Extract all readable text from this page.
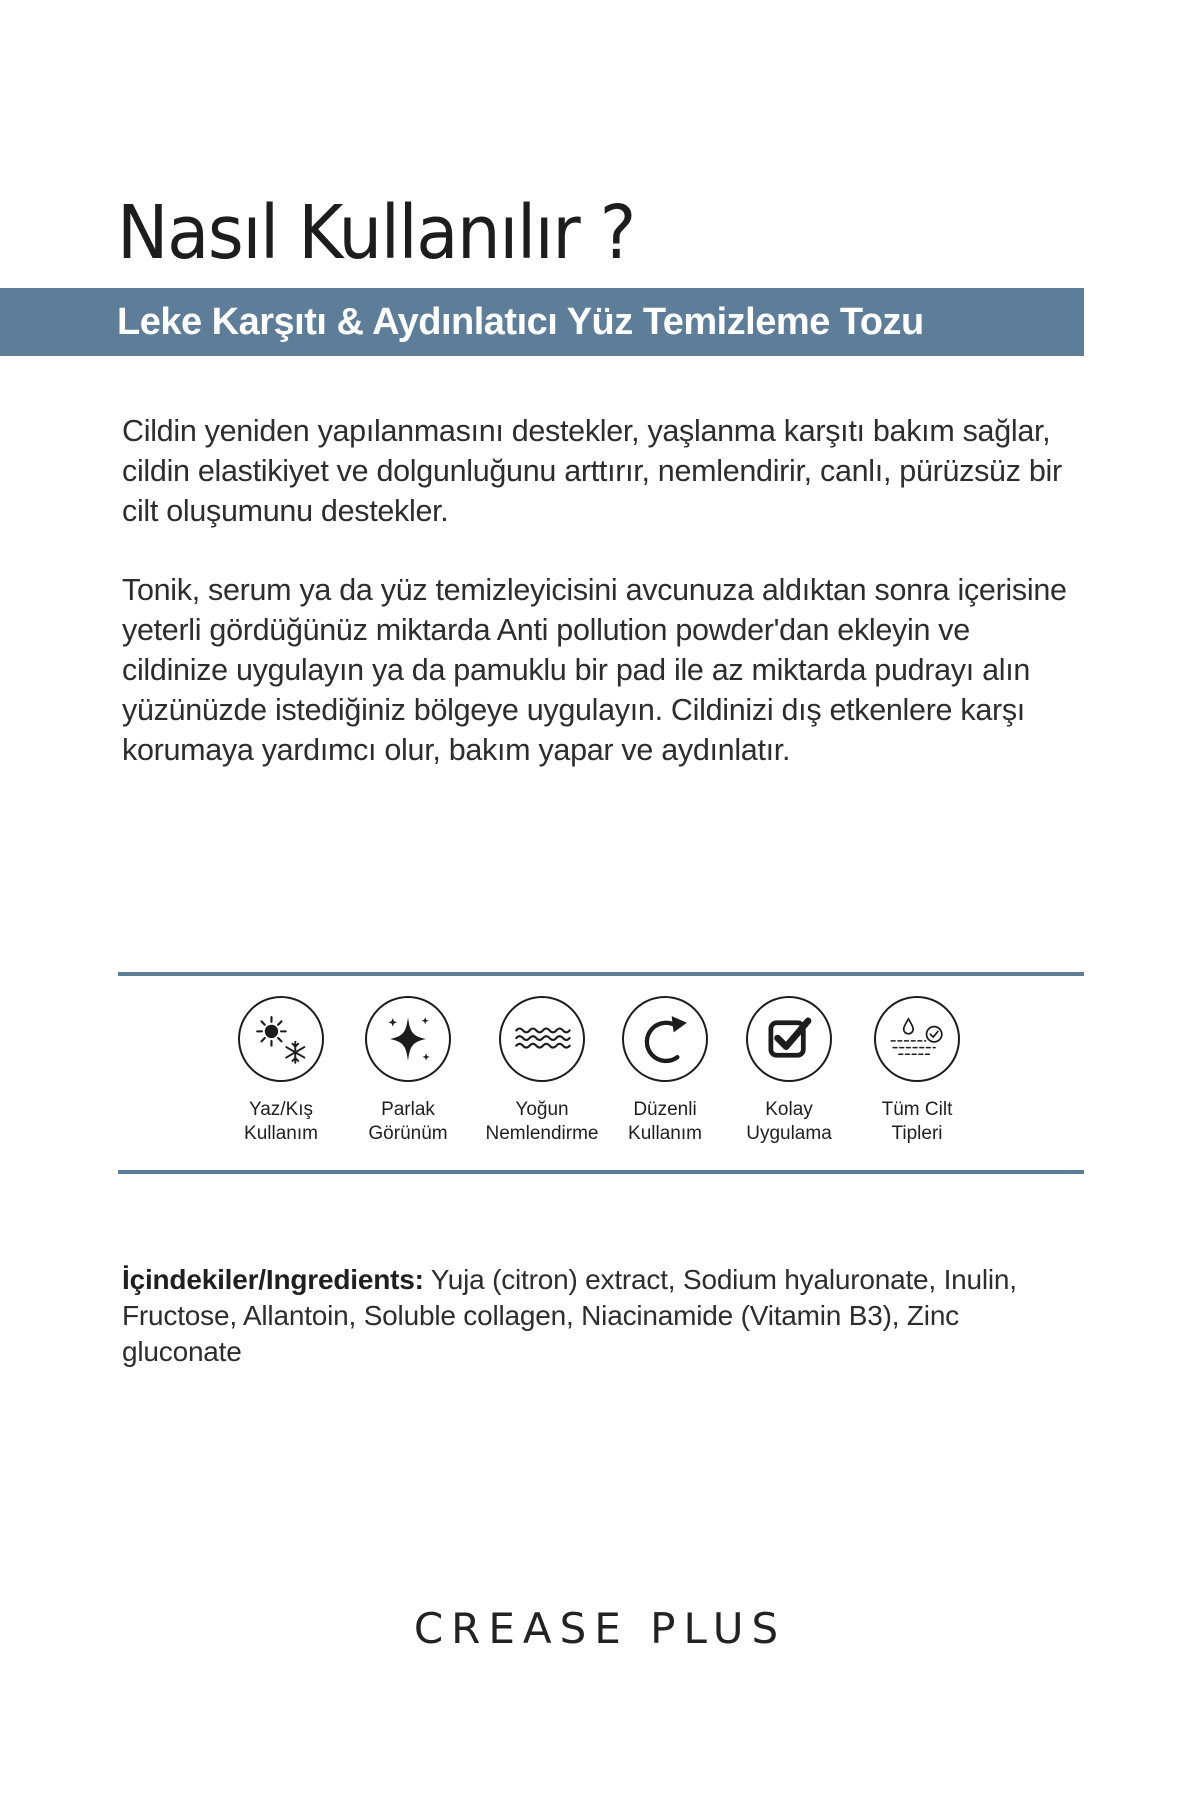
Nasıl Kullanılır ?
Leke Karşıtı & Aydınlatıcı Yüz Temizleme Tozu

Cildin yeniden yapılanmasını destekler, yaşlanma karşıtı bakım sağlar, cildin elastikiyet ve dolgunluğunu arttırır, nemlendirir, canlı, pürüzsüz bir cilt oluşumunu destekler.

Tonik, serum ya da yüz temizleyicisini avcunuza aldıktan sonra içerisine yeterli gördüğünüz miktarda Anti pollution powder'dan ekleyin ve cildinize uygulayın ya da pamuklu bir pad ile az miktarda pudrayı alın yüzünüzde istediğiniz bölgeye uygulayın. Cildinizi dış etkenlere karşı korumaya yardımcı olur, bakım yapar ve aydınlatır.

Yaz/Kış
Kullanım
Parlak
Görünüm
Yoğun
Nemlendirme
Düzenli
Kullanım
Kolay
Uygulama
Tüm Cilt
Tipleri

İçindekiler/Ingredients: Yuja (citron) extract, Sodium hyaluronate, Inulin, Fructose, Allantoin, Soluble collagen, Niacinamide (Vitamin B3), Zinc gluconate

CREASE PLUS
